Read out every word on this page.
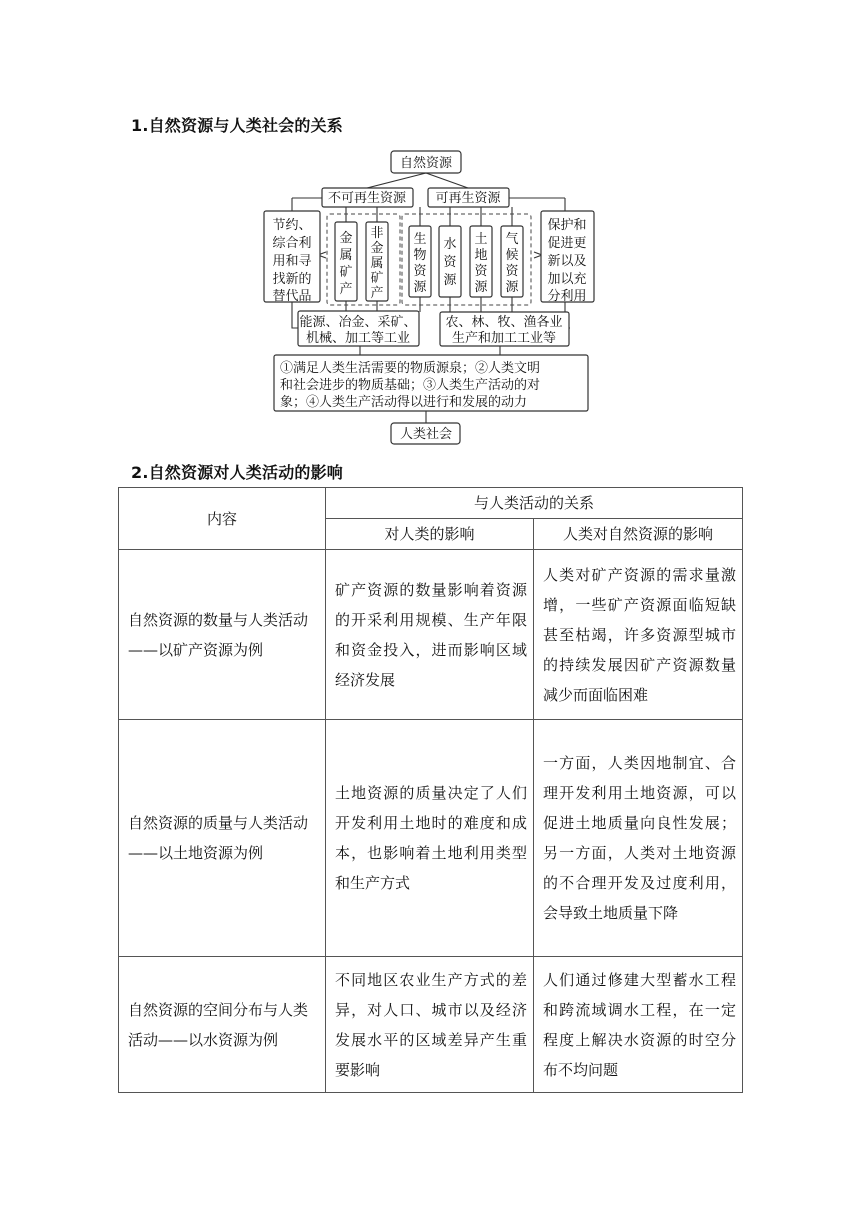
1.自然资源与人类社会的关系
自然资源
不可再生资源 可再生资源
节约、
综合利
用和寻
找新的
替代品
保护和
促进更
新以及
加以充
分利用
金
属
矿
产
非
金
属
矿
产
生
物
资
源
水
资
源
土
地
资
源
气
候
资
源
能源、冶金、采矿、
机械、加工等工业
农、林、牧、渔各业
生产和加工工业等
①满足人类生活需要的物质源泉；②人类文明
和社会进步的物质基础；③人类生产活动的对
象；④人类生产活动得以进行和发展的动力
人类社会
2.自然资源对人类活动的影响
内容	与人类活动的关系	
	对人类的影响	人类对自然资源的影响
自然资源的数量与人类活动——以矿产资源为例	矿产资源的数量影响着资源的开采利用规模、生产年限和资金投入，进而影响区域经济发展	人类对矿产资源的需求量激增，一些矿产资源面临短缺甚至枯竭，许多资源型城市的持续发展因矿产资源数量减少而面临困难
自然资源的质量与人类活动——以土地资源为例	土地资源的质量决定了人们开发利用土地时的难度和成本，也影响着土地利用类型和生产方式	一方面，人类因地制宜、合理开发利用土地资源，可以促进土地质量向良性发展；另一方面，人类对土地资源的不合理开发及过度利用，会导致土地质量下降
自然资源的空间分布与人类活动——以水资源为例	不同地区农业生产方式的差异，对人口、城市以及经济发展水平的区域差异产生重要影响	人们通过修建大型蓄水工程和跨流域调水工程，在一定程度上解决水资源的时空分布不均问题
